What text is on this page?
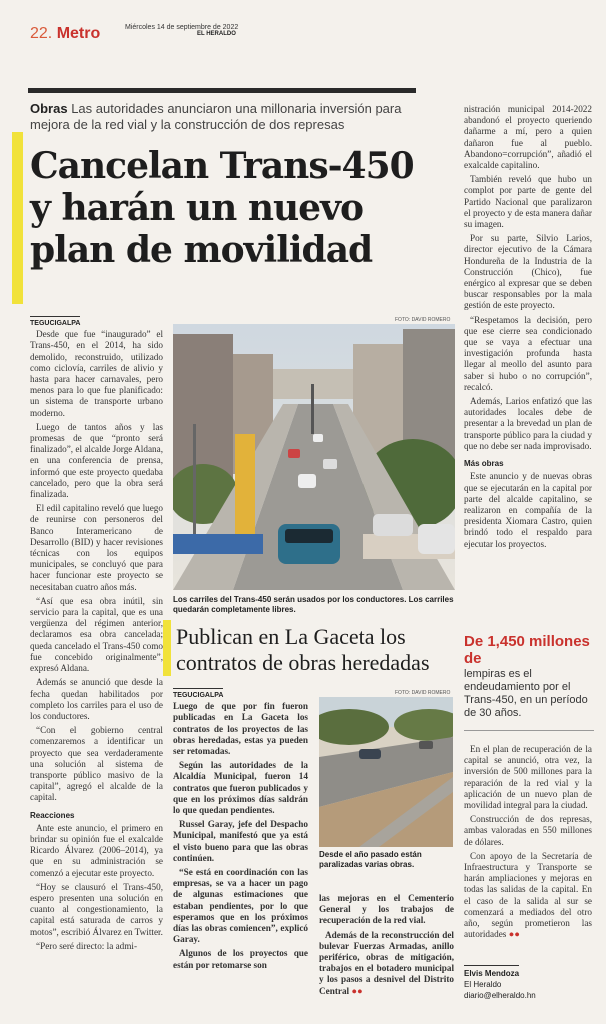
22. Metro	Miércoles 14 de septiembre de 2022
EL HERALDO
Obras Las autoridades anunciaron una millonaria inversión para mejora de la red vial y la construcción de dos represas
Cancelan Trans-450 y harán un nuevo plan de movilidad
TEGUCIGALPA

Desde que fue “inaugurado” el Trans-450, en el 2014, ha sido demolido, reconstruido, utilizado como ciclovía, carriles de alivio y hasta para hacer carnavales, pero menos para lo que fue planificado: un sistema de transporte urbano moderno.

Luego de tantos años y las promesas de que “pronto será finalizado”, el alcalde Jorge Aldana, en una conferencia de prensa, informó que este proyecto quedaba cancelado, pero que la obra será finalizada.

El edil capitalino reveló que luego de reunirse con personeros del Banco Interamericano de Desarrollo (BID) y hacer revisiones técnicas con los equipos municipales, se concluyó que para hacer funcionar este proyecto se necesitaban cuatro años más.

“Así que esa obra inútil, sin servicio para la capital, que es una vergüenza del régimen anterior, declaramos esa obra cancelada; queda cancelado el Trans-450 como fue concebido originalmente”, expresó Aldana.

Además se anunció que desde la fecha quedan habilitados por completo los carriles para el uso de los conductores.

“Con el gobierno central comenzaremos a identificar un proyecto que sea verdaderamente una solución al sistema de transporte público masivo de la capital”, agregó el alcalde de la capital.

Reacciones

Ante este anuncio, el primero en brindar su opinión fue el exalcalde Ricardo Álvarez (2006–2014), ya que en su administración se comenzó a ejecutar este proyecto.

“Hoy se clausuró el Trans-450, espero presenten una solución en cuanto al congestionamiento, la capital está saturada de carros y motos”, escribió Álvarez en Twitter.

“Pero seré directo: la admi-

nistración municipal 2014-2022 abandonó el proyecto queriendo dañarme a mí, pero a quien dañaron fue al pueblo. Abandono=corrupción”, añadió el exalcalde capitalino.

También reveló que hubo un complot por parte de gente del Partido Nacional que paralizaron el proyecto y de esta manera dañar su imagen.

Por su parte, Silvio Larios, director ejecutivo de la Cámara Hondureña de la Industria de la Construcción (Chico), fue enérgico al expresar que se deben buscar responsables por la mala gestión de este proyecto.

“Respetamos la decisión, pero que ese cierre sea condicionado que se vaya a efectuar una investigación profunda hasta llegar al meollo del asunto para saber si hubo o no corrupción”, recalcó.

Además, Larios enfatizó que las autoridades locales debe de presentar a la brevedad un plan de transporte público para la ciudad y que no debe ser nada improvisado.

Más obras

Este anuncio y de nuevas obras que se ejecutarán en la capital por parte del alcalde capitalino, se realizaron en compañía de la presidenta Xiomara Castro, quien brindó todo el respaldo para ejecutar los proyectos.

FOTO: DAVID ROMERO
Los carriles del Trans-450 serán usados por los conductores. Los carriles quedarán completamente libres.
Publican en La Gaceta los contratos de obras heredadas
TEGUCIGALPA

Luego de que por fin fueron publicadas en La Gaceta los contratos de los proyectos de las obras heredadas, estas ya pueden ser retomadas.

Según las autoridades de la Alcaldía Municipal, fueron 14 contratos que fueron publicados y que en los próximos días saldrán lo que quedan pendientes.

Russel Garay, jefe del Despacho Municipal, manifestó que ya está el visto bueno para que las obras continúen.

“Se está en coordinación con las empresas, se va a hacer un pago de algunas estimaciones que estaban pendientes, por lo que esperamos que en los próximos días las obras comiencen”, explicó Garay.

Algunos de los proyectos que están por retomarse son

FOTO: DAVID ROMERO
Desde el año pasado están paralizadas varias obras.

las mejoras en el Cementerio General y los trabajos de recuperación de la red vial.

Además de la reconstrucción del bulevar Fuerzas Armadas, anillo periférico, obras de mitigación, trabajos en el botadero municipal y los pasos a desnivel del Distrito Central ●●

De 1,450 millones de
lempiras es el endeudamiento por el Trans-450, en un período de 30 años.

En el plan de recuperación de la capital se anunció, otra vez, la inversión de 500 millones para la reparación de la red vial y la aplicación de un nuevo plan de movilidad integral para la ciudad.

Construcción de dos represas, ambas valoradas en 550 millones de dólares.

Con apoyo de la Secretaría de Infraestructura y Transporte se harán ampliaciones y mejoras en todas las salidas de la capital. En el caso de la salida al sur se comenzará a mediados del otro año, según prometieron las autoridades ●●

Elvis Mendoza
El Heraldo
diario@elheraldo.hn
